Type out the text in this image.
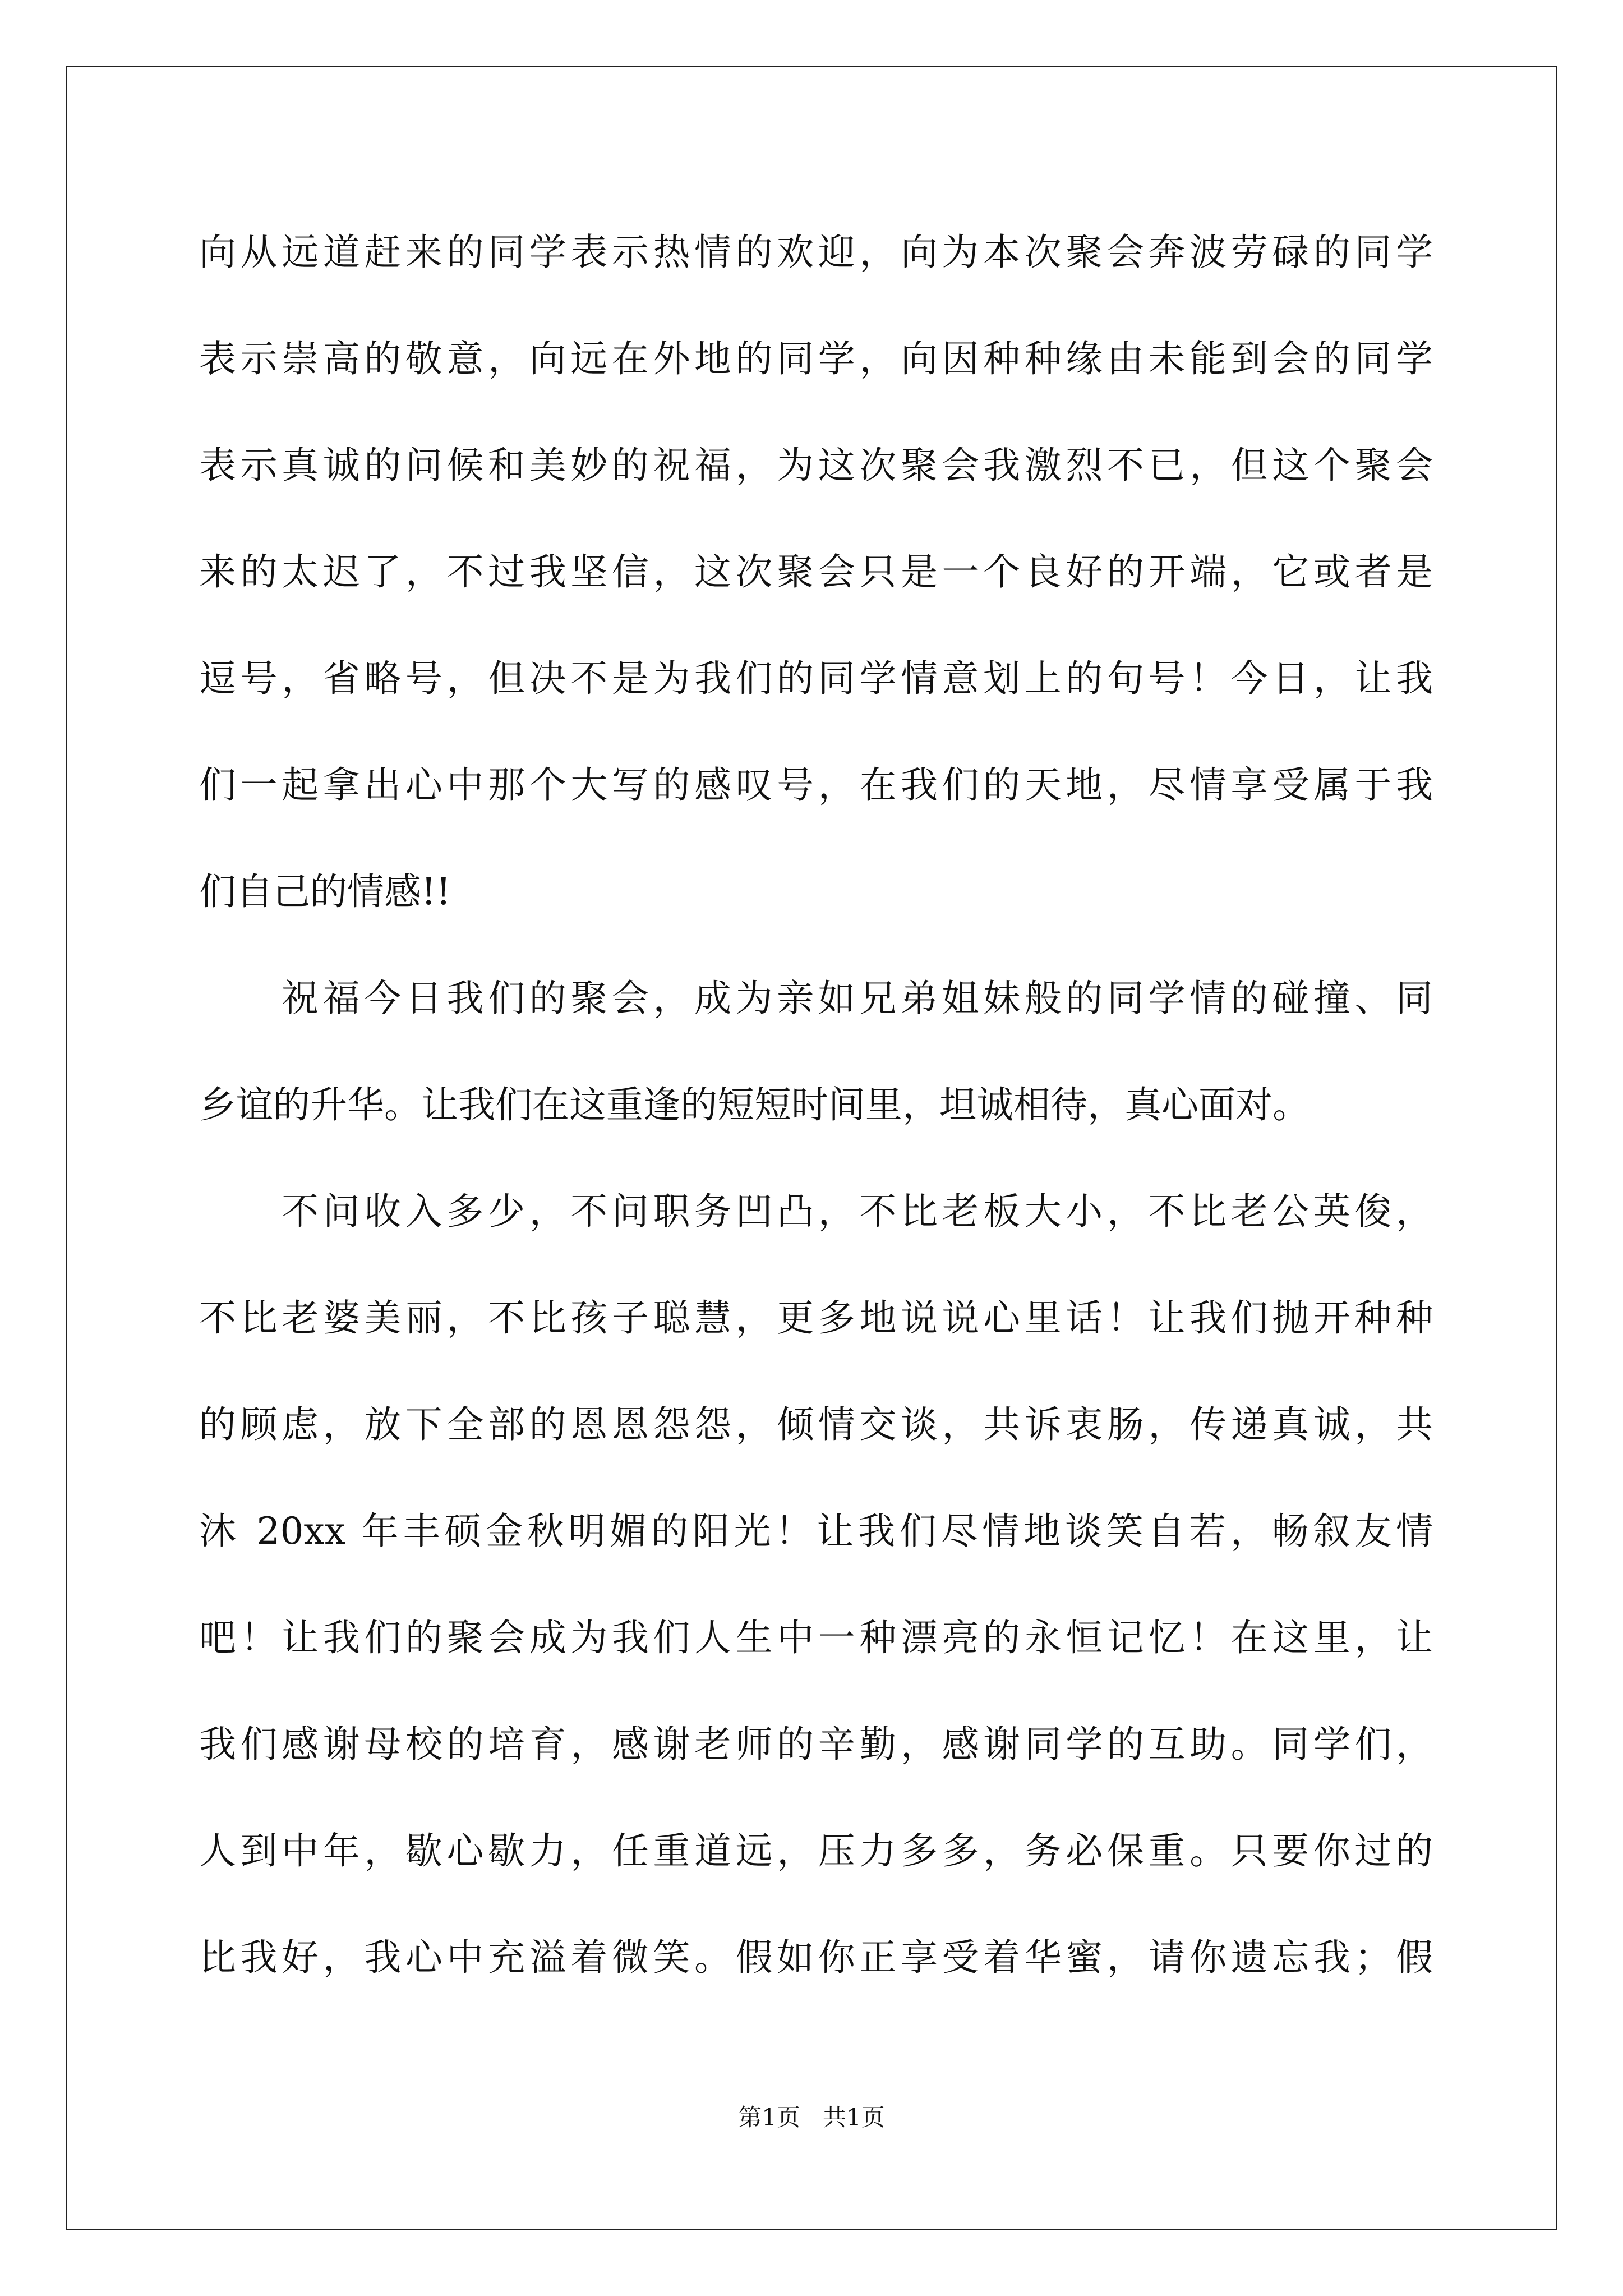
向从远道赶来的同学表示热情的欢迎，向为本次聚会奔波劳碌的同学
表示崇高的敬意，向远在外地的同学，向因种种缘由未能到会的同学
表示真诚的问候和美妙的祝福，为这次聚会我激烈不已，但这个聚会
来的太迟了，不过我坚信，这次聚会只是一个良好的开端，它或者是
逗号，省略号，但决不是为我们的同学情意划上的句号！今日，让我
们一起拿出心中那个大写的感叹号，在我们的天地，尽情享受属于我
们自己的情感!!
　　祝福今日我们的聚会，成为亲如兄弟姐妹般的同学情的碰撞、同
乡谊的升华。让我们在这重逢的短短时间里，坦诚相待，真心面对。
　　不问收入多少，不问职务凹凸，不比老板大小，不比老公英俊，
不比老婆美丽，不比孩子聪慧，更多地说说心里话！让我们抛开种种
的顾虑，放下全部的恩恩怨怨，倾情交谈，共诉衷肠，传递真诚，共
沐 20xx 年丰硕金秋明媚的阳光！让我们尽情地谈笑自若，畅叙友情
吧！让我们的聚会成为我们人生中一种漂亮的永恒记忆！在这里，让
我们感谢母校的培育，感谢老师的辛勤，感谢同学的互助。同学们，
人到中年，歇心歇力，任重道远，压力多多，务必保重。只要你过的
比我好，我心中充溢着微笑。假如你正享受着华蜜，请你遗忘我；假
第1页   共1页
